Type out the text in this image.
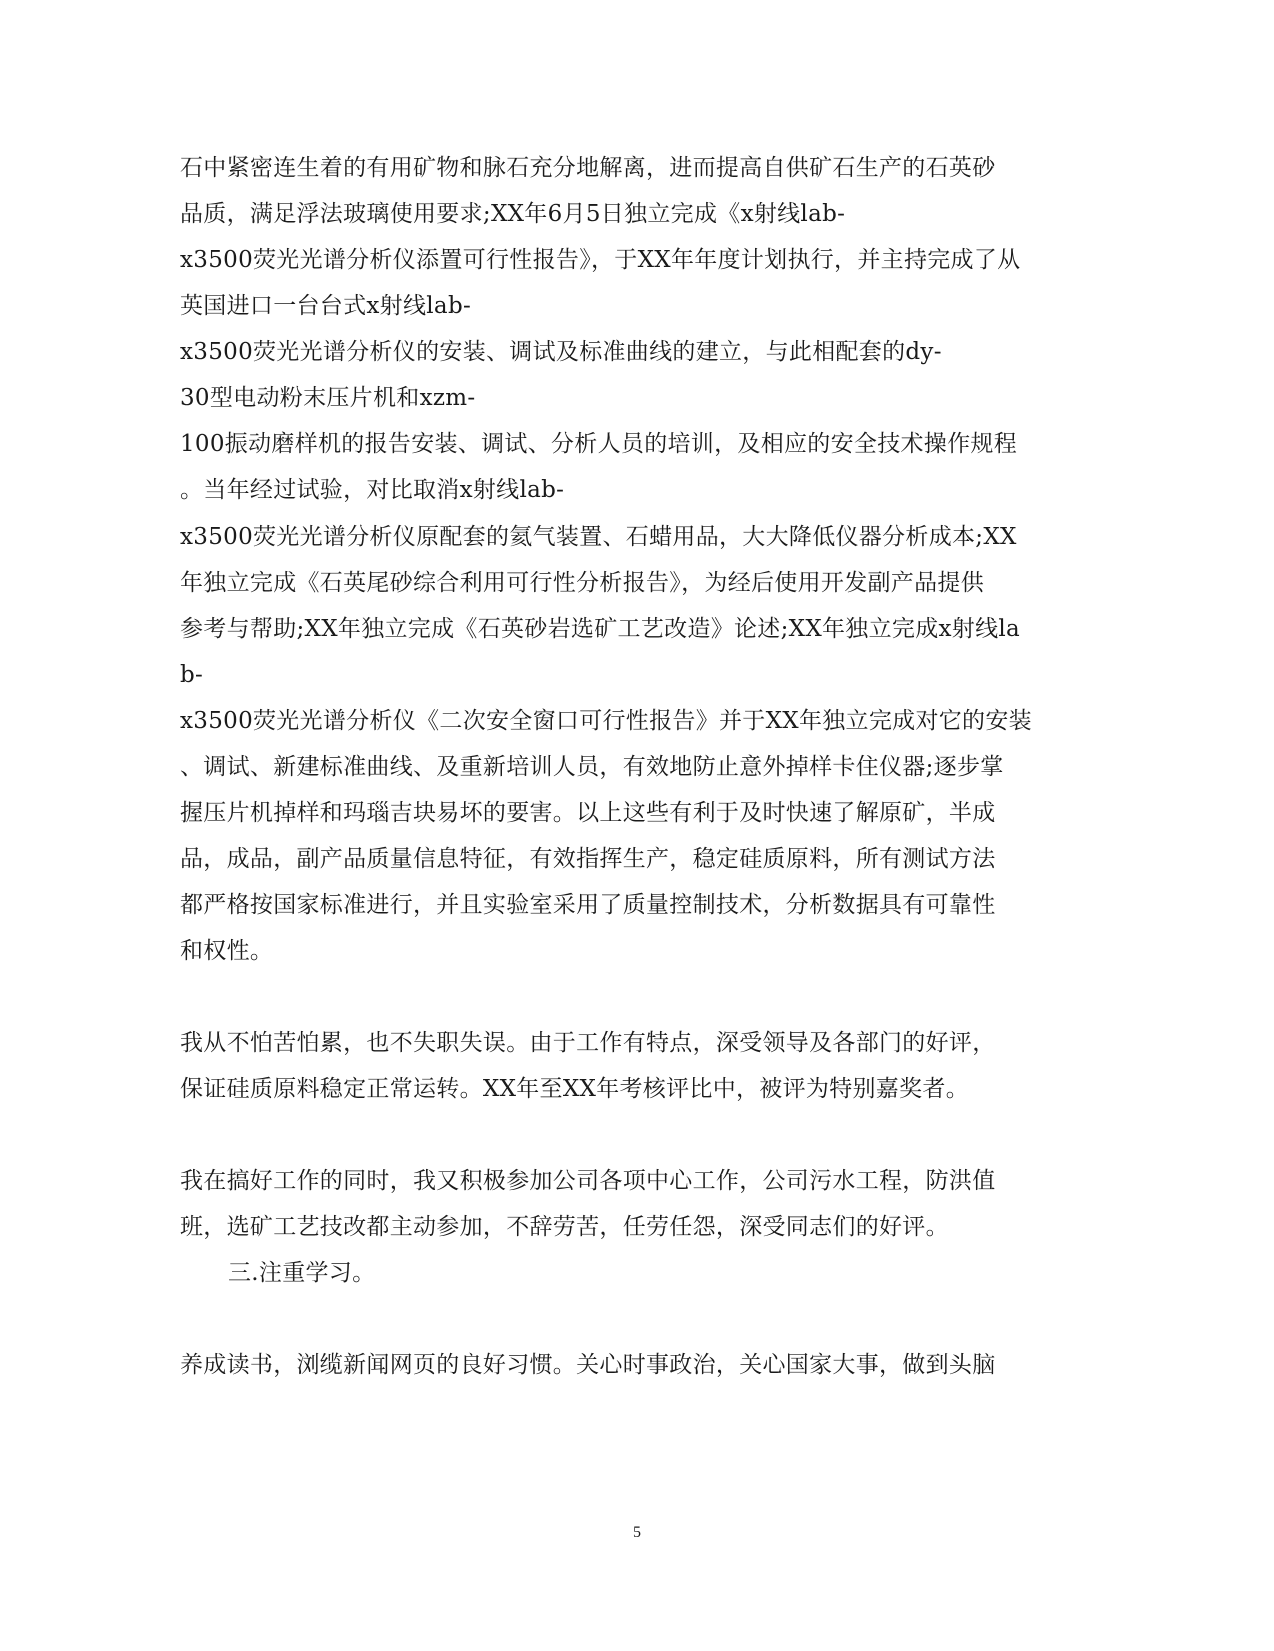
石中紧密连生着的有用矿物和脉石充分地解离，进而提高自供矿石生产的石英砂
品质，满足浮法玻璃使用要求;XX年6月5日独立完成《x射线lab-
x3500荧光光谱分析仪添置可行性报告》，于XX年年度计划执行，并主持完成了从
英国进口一台台式x射线lab-
x3500荧光光谱分析仪的安装、调试及标准曲线的建立，与此相配套的dy-
30型电动粉末压片机和xzm-
100振动磨样机的报告安装、调试、分析人员的培训，及相应的安全技术操作规程
。当年经过试验，对比取消x射线lab-
x3500荧光光谱分析仪原配套的氦气装置、石蜡用品，大大降低仪器分析成本;XX
年独立完成《石英尾砂综合利用可行性分析报告》，为经后使用开发副产品提供
参考与帮助;XX年独立完成《石英砂岩选矿工艺改造》论述;XX年独立完成x射线la
b-
x3500荧光光谱分析仪《二次安全窗口可行性报告》并于XX年独立完成对它的安装
、调试、新建标准曲线、及重新培训人员，有效地防止意外掉样卡住仪器;逐步掌
握压片机掉样和玛瑙吉块易坏的要害。以上这些有利于及时快速了解原矿，半成
品，成品，副产品质量信息特征，有效指挥生产，稳定硅质原料，所有测试方法
都严格按国家标准进行，并且实验室采用了质量控制技术，分析数据具有可靠性
和权性。
我从不怕苦怕累，也不失职失误。由于工作有特点，深受领导及各部门的好评，
保证硅质原料稳定正常运转。XX年至XX年考核评比中，被评为特别嘉奖者。
我在搞好工作的同时，我又积极参加公司各项中心工作，公司污水工程，防洪值
班，选矿工艺技改都主动参加，不辞劳苦，任劳任怨，深受同志们的好评。
三.注重学习。
养成读书，浏缆新闻网页的良好习惯。关心时事政治，关心国家大事，做到头脑
5
